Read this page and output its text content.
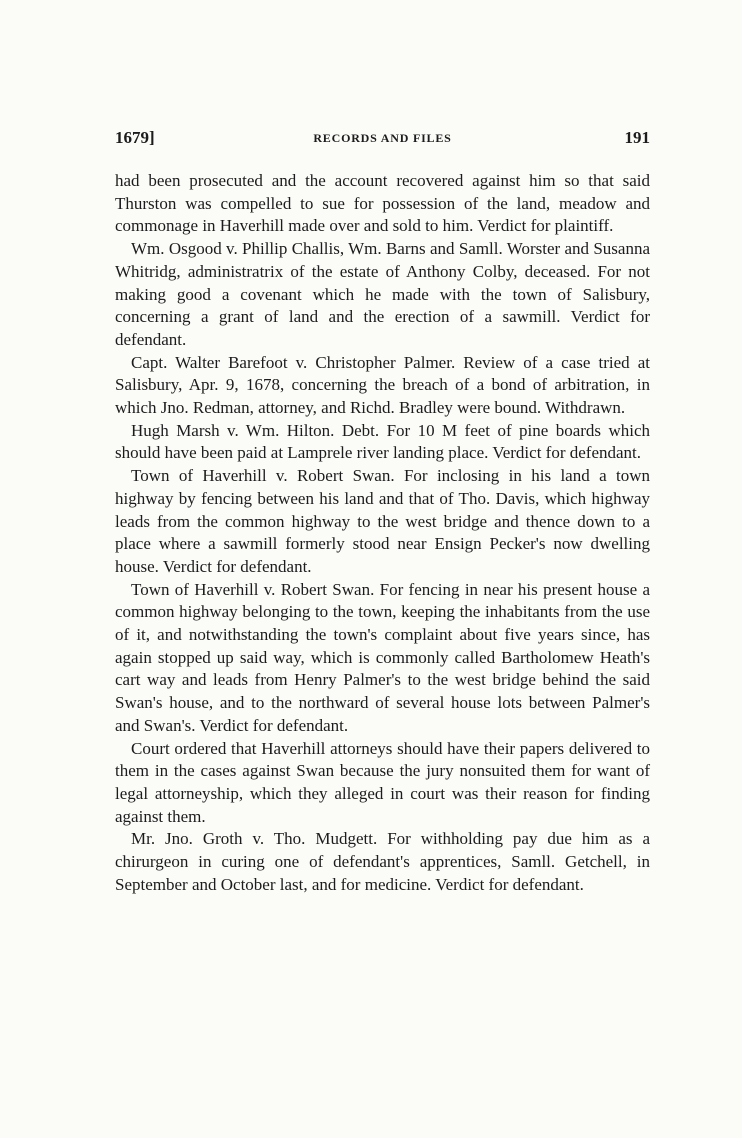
1679]	RECORDS AND FILES	191

had been prosecuted and the account recovered against him so that said Thurston was compelled to sue for possession of the land, meadow and commonage in Haverhill made over and sold to him. Verdict for plaintiff.

Wm. Osgood v. Phillip Challis, Wm. Barns and Samll. Worster and Susanna Whitridg, administratrix of the estate of Anthony Colby, deceased. For not making good a covenant which he made with the town of Salisbury, concerning a grant of land and the erection of a sawmill. Verdict for defendant.

Capt. Walter Barefoot v. Christopher Palmer. Review of a case tried at Salisbury, Apr. 9, 1678, concerning the breach of a bond of arbitration, in which Jno. Redman, attorney, and Richd. Bradley were bound. Withdrawn.

Hugh Marsh v. Wm. Hilton. Debt. For 10 M feet of pine boards which should have been paid at Lamprele river landing place. Verdict for defendant.

Town of Haverhill v. Robert Swan. For inclosing in his land a town highway by fencing between his land and that of Tho. Davis, which highway leads from the common highway to the west bridge and thence down to a place where a sawmill formerly stood near Ensign Pecker's now dwelling house. Verdict for defendant.

Town of Haverhill v. Robert Swan. For fencing in near his present house a common highway belonging to the town, keeping the inhabitants from the use of it, and notwithstanding the town's complaint about five years since, has again stopped up said way, which is commonly called Bartholomew Heath's cart way and leads from Henry Palmer's to the west bridge behind the said Swan's house, and to the northward of several house lots between Palmer's and Swan's. Verdict for defendant.

Court ordered that Haverhill attorneys should have their papers delivered to them in the cases against Swan because the jury nonsuited them for want of legal attorneyship, which they alleged in court was their reason for finding against them.

Mr. Jno. Groth v. Tho. Mudgett. For withholding pay due him as a chirurgeon in curing one of defendant's apprentices, Samll. Getchell, in September and October last, and for medicine. Verdict for defendant.
